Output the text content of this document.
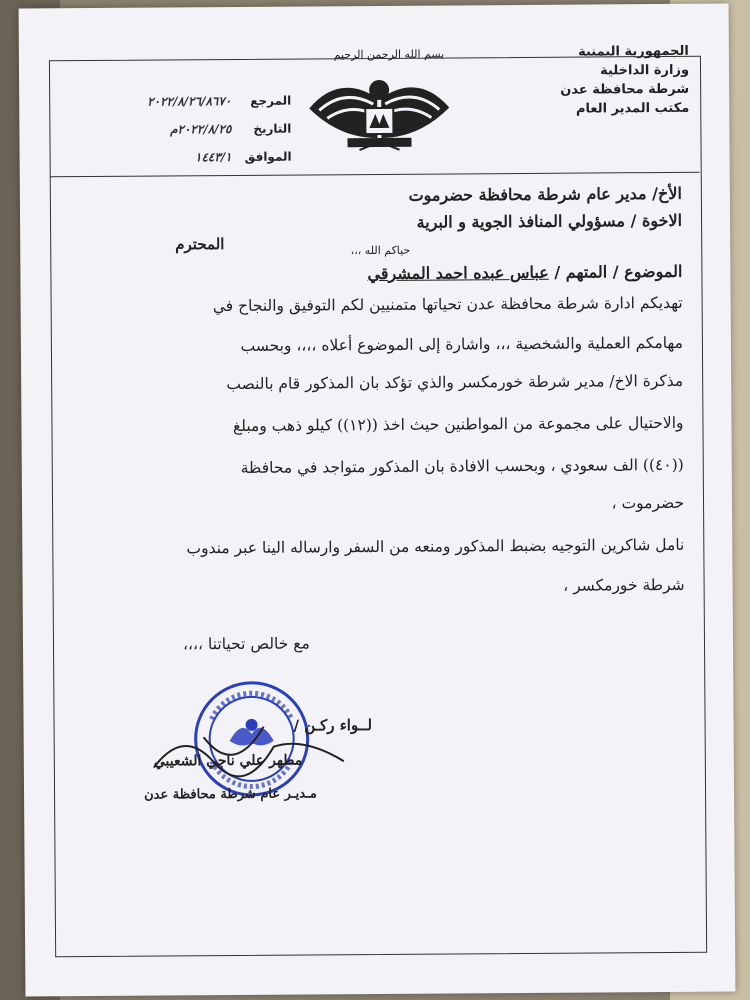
الجمهورية اليمنية
وزارة الداخلية
شرطة محافظة عدن
مكتب المدير العام
بسم الله الرحمن الرحيم
المرجع٢٠٢٢/٨/٢٦/٨٦٧٠
التاريخ٢٠٢٢/٨/٢٥م
الموافق١٤٤٣/١
الأخ/ مدير عام شرطة محافظة حضرموت
الاخوة / مسؤولي المنافذ الجوية و البرية
المحترم	حياكم الله ،،،
الموضوع / المتهم / عباس عبده احمد المشرقي
تهديكم ادارة شرطة محافظة عدن تحياتها متمنيين لكم التوفيق والنجاح في
مهامكم العملية والشخصية ،،، واشارة إلى الموضوع أعلاه ،،،، وبحسب
مذكرة الاخ/ مدير شرطة خورمكسر والذي تؤكد بان المذكور قام بالنصب
والاحتيال على مجموعة من المواطنين حيث اخذ ((١٢)) كيلو ذهب ومبلغ
((٤٠)) الف سعودي ، وبحسب الافادة بان المذكور متواجد في محافظة
حضرموت ،
نامل شاكرين التوجيه بضبط المذكور ومنعه من السفر وارساله الينا عبر مندوب
شرطة خورمكسر ،
مع خالص تحياتنا ،،،،
لــواء ركـن /
مطهر علي ناجي الشعيبي
مـديـر عام شرطة محافظة عدن
